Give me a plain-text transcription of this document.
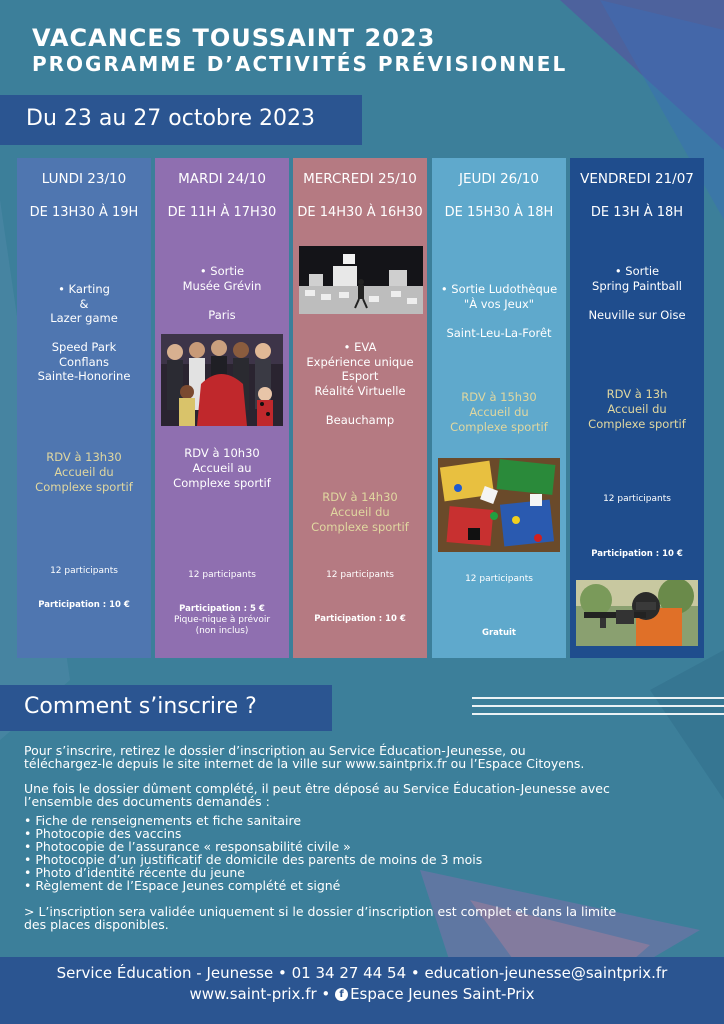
VACANCES TOUSSAINT 2023
PROGRAMME D’ACTIVITÉS PRÉVISIONNEL
Du 23 au 27 octobre 2023
LUNDI 23/10
DE 13H30 À 19H
• Karting
&
Lazer game

Speed Park
Conflans
Sainte-Honorine
RDV à 13h30
Accueil du
Complexe sportif
12 participants
Participation : 10 €
MARDI 24/10
DE 11H À 17H30
• Sortie
Musée Grévin

Paris
RDV à 10h30
Accueil au
Complexe sportif
12 participants
Participation : 5 €
Pique-nique à prévoir
(non inclus)
MERCREDI 25/10
DE 14H30 À 16H30
• EVA
Expérience unique
Esport
Réalité Virtuelle

Beauchamp
RDV à 14h30
Accueil du
Complexe sportif
12 participants
Participation : 10 €
JEUDI 26/10
DE 15H30 À 18H
• Sortie Ludothèque
"À vos Jeux"

Saint-Leu-La-Forêt
RDV à 15h30
Accueil du
Complexe sportif
12 participants
Gratuit
VENDREDI 21/07
DE 13H À 18H
• Sortie
Spring Paintball

Neuville sur Oise
RDV à 13h
Accueil du
Complexe sportif
12 participants
Participation : 10 €
Comment s’inscrire ?
Pour s’inscrire, retirez le dossier d’inscription au Service Éducation-Jeunesse, ou
téléchargez-le depuis le site internet de la ville sur www.saintprix.fr ou l’Espace Citoyens.
Une fois le dossier dûment complété, il peut être déposé au Service Éducation-Jeunesse avec
l’ensemble des documents demandés :
• Fiche de renseignements et fiche sanitaire
• Photocopie des vaccins
• Photocopie de l’assurance « responsabilité civile »
• Photocopie d’un justificatif de domicile des parents de moins de 3 mois
• Photo d’identité récente du jeune
• Règlement de l’Espace Jeunes complété et signé
> L’inscription sera validée uniquement si le dossier d’inscription est complet et dans la limite
des places disponibles.
Service Éducation - Jeunesse • 01 34 27 44 54 • education-jeunesse@saintprix.fr
www.saint-prix.fr • f Espace Jeunes Saint-Prix
